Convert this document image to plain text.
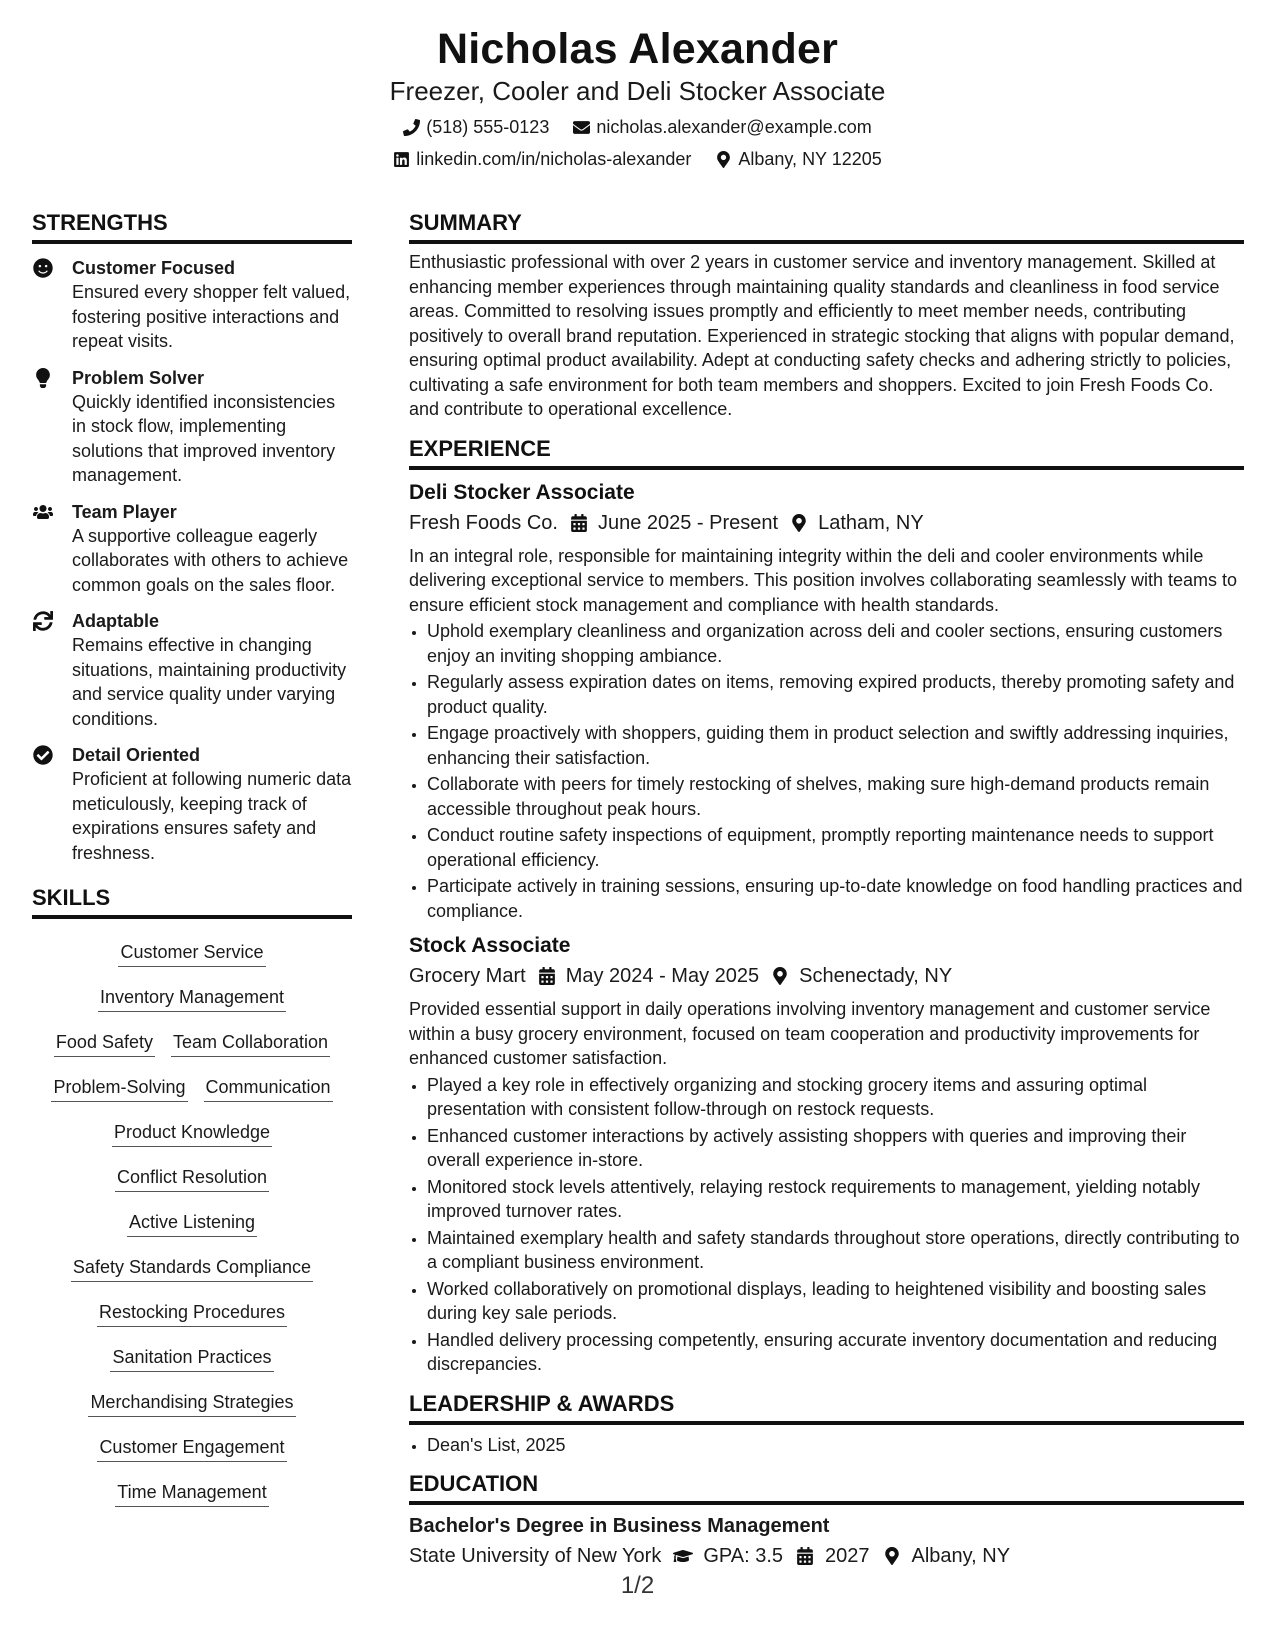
Nicholas Alexander
Freezer, Cooler and Deli Stocker Associate
(518) 555-0123	nicholas.alexander@example.com
linkedin.com/in/nicholas-alexander	Albany, NY 12205
STRENGTHS
Customer Focused
Ensured every shopper felt valued, fostering positive interactions and repeat visits.
Problem Solver
Quickly identified inconsistencies in stock flow, implementing solutions that improved inventory management.
Team Player
A supportive colleague eagerly collaborates with others to achieve common goals on the sales floor.
Adaptable
Remains effective in changing situations, maintaining productivity and service quality under varying conditions.
Detail Oriented
Proficient at following numeric data meticulously, keeping track of expirations ensures safety and freshness.
SKILLS
Customer Service
Inventory Management
Food Safety Team Collaboration
Problem-Solving Communication
Product Knowledge
Conflict Resolution
Active Listening
Safety Standards Compliance
Restocking Procedures
Sanitation Practices
Merchandising Strategies
Customer Engagement
Time Management
SUMMARY
Enthusiastic professional with over 2 years in customer service and inventory management. Skilled at enhancing member experiences through maintaining quality standards and cleanliness in food service areas. Committed to resolving issues promptly and efficiently to meet member needs, contributing positively to overall brand reputation. Experienced in strategic stocking that aligns with popular demand, ensuring optimal product availability. Adept at conducting safety checks and adhering strictly to policies, cultivating a safe environment for both team members and shoppers. Excited to join Fresh Foods Co. and contribute to operational excellence.
EXPERIENCE
Deli Stocker Associate
Fresh Foods Co. June 2025 - Present Latham, NY
In an integral role, responsible for maintaining integrity within the deli and cooler environments while delivering exceptional service to members. This position involves collaborating seamlessly with teams to ensure efficient stock management and compliance with health standards.
• Uphold exemplary cleanliness and organization across deli and cooler sections, ensuring customers enjoy an inviting shopping ambiance.
• Regularly assess expiration dates on items, removing expired products, thereby promoting safety and product quality.
• Engage proactively with shoppers, guiding them in product selection and swiftly addressing inquiries, enhancing their satisfaction.
• Collaborate with peers for timely restocking of shelves, making sure high-demand products remain accessible throughout peak hours.
• Conduct routine safety inspections of equipment, promptly reporting maintenance needs to support operational efficiency.
• Participate actively in training sessions, ensuring up-to-date knowledge on food handling practices and compliance.
Stock Associate
Grocery Mart May 2024 - May 2025 Schenectady, NY
Provided essential support in daily operations involving inventory management and customer service within a busy grocery environment, focused on team cooperation and productivity improvements for enhanced customer satisfaction.
• Played a key role in effectively organizing and stocking grocery items and assuring optimal presentation with consistent follow-through on restock requests.
• Enhanced customer interactions by actively assisting shoppers with queries and improving their overall experience in-store.
• Monitored stock levels attentively, relaying restock requirements to management, yielding notably improved turnover rates.
• Maintained exemplary health and safety standards throughout store operations, directly contributing to a compliant business environment.
• Worked collaboratively on promotional displays, leading to heightened visibility and boosting sales during key sale periods.
• Handled delivery processing competently, ensuring accurate inventory documentation and reducing discrepancies.
LEADERSHIP & AWARDS
• Dean's List, 2025
EDUCATION
Bachelor's Degree in Business Management
State University of New York GPA: 3.5 2027 Albany, NY
1/2
